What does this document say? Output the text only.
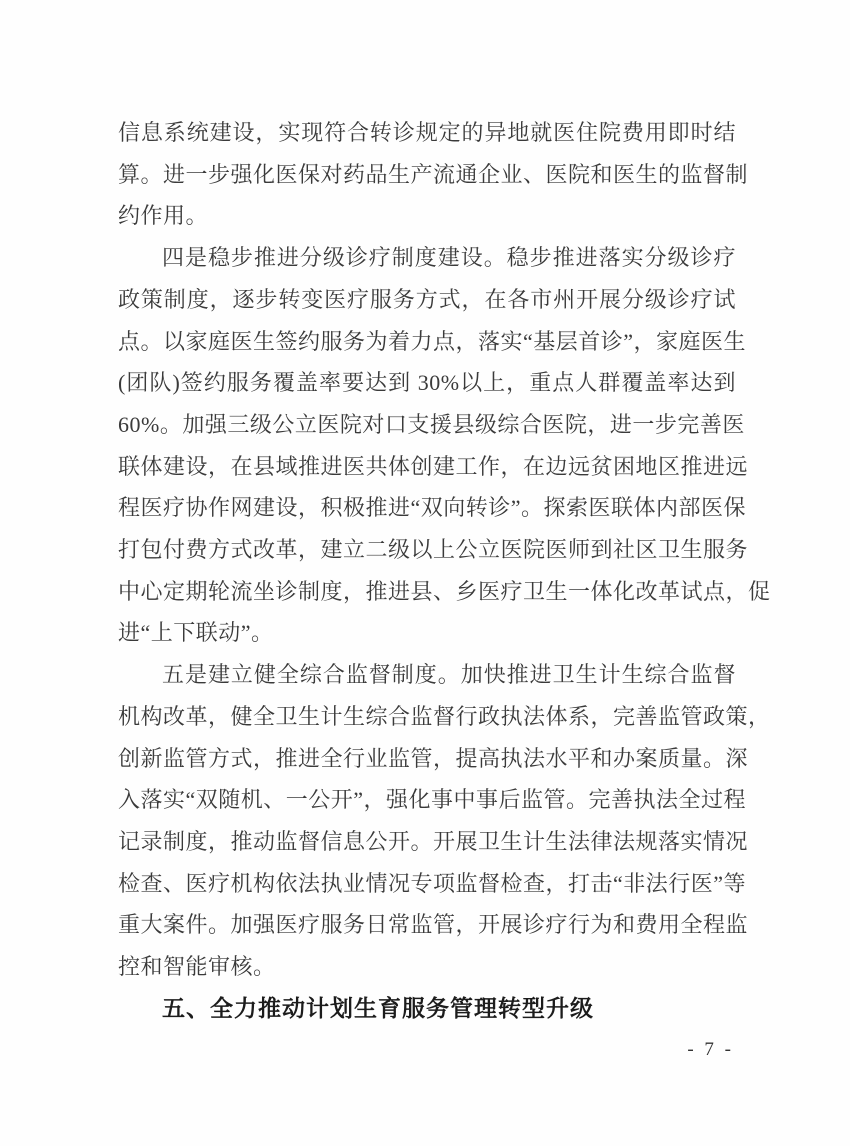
信息系统建设，实现符合转诊规定的异地就医住院费用即时结
算。进一步强化医保对药品生产流通企业、医院和医生的监督制
约作用。
四是稳步推进分级诊疗制度建设。稳步推进落实分级诊疗
政策制度，逐步转变医疗服务方式，在各市州开展分级诊疗试
点。以家庭医生签约服务为着力点，落实“基层首诊”，家庭医生
(团队)签约服务覆盖率要达到 30%以上，重点人群覆盖率达到
60%。加强三级公立医院对口支援县级综合医院，进一步完善医
联体建设，在县域推进医共体创建工作，在边远贫困地区推进远
程医疗协作网建设，积极推进“双向转诊”。探索医联体内部医保
打包付费方式改革，建立二级以上公立医院医师到社区卫生服务
中心定期轮流坐诊制度，推进县、乡医疗卫生一体化改革试点，促
进“上下联动”。
五是建立健全综合监督制度。加快推进卫生计生综合监督
机构改革，健全卫生计生综合监督行政执法体系，完善监管政策，
创新监管方式，推进全行业监管，提高执法水平和办案质量。深
入落实“双随机、一公开”，强化事中事后监管。完善执法全过程
记录制度，推动监督信息公开。开展卫生计生法律法规落实情况
检查、医疗机构依法执业情况专项监督检查，打击“非法行医”等
重大案件。加强医疗服务日常监管，开展诊疗行为和费用全程监
控和智能审核。
五、全力推动计划生育服务管理转型升级
- 7 -
